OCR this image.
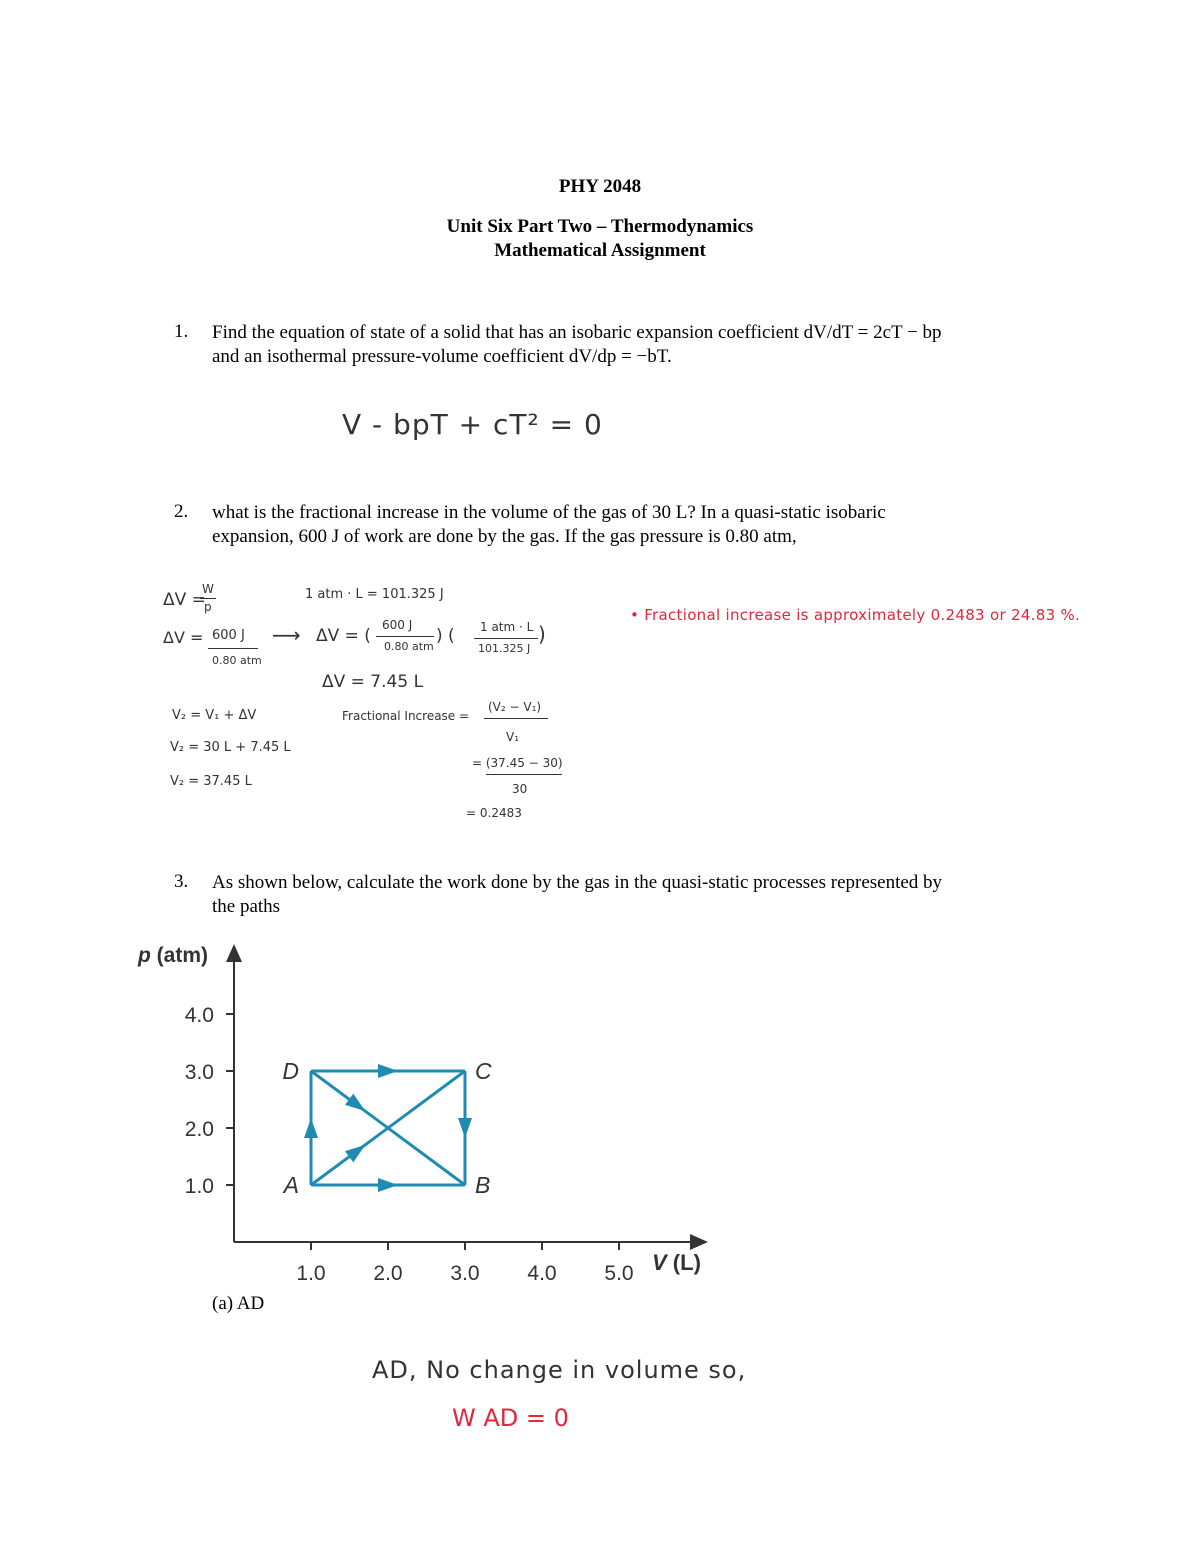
PHY 2048
Unit Six Part Two – Thermodynamics
Mathematical Assignment
1. Find the equation of state of a solid that has an isobaric expansion coefficient dV/dT = 2cT − bp
and an isothermal pressure-volume coefficient dV/dp = −bT.
V - bpT + cT² = 0
2. what is the fractional increase in the volume of the gas of 30 L? In a quasi-static isobaric
expansion, 600 J of work are done by the gas. If the gas pressure is 0.80 atm,
ΔV =
W
p
1 atm · L = 101.325 J
ΔV = 600 J
0.80 atm
⟶ ΔV = (
600 J
0.80 atm
) ( 1 atm · L
101.325 J
)
ΔV = 7.45 L
V₂ = V₁ + ΔV
V₂ = 30 L + 7.45 L
V₂ = 37.45 L
Fractional Increase =
(V₂ − V₁)
V₁
= (37.45 − 30)
30
= 0.2483
• Fractional increase is approximately 0.2483 or 24.83 %.
3. As shown below, calculate the work done by the gas in the quasi-static processes represented by
the paths
p (atm)
V (L)
1.0 2.0 3.0 4.0 5.0
1.0
2.0
3.0
4.0
A	B
C
D
(a) AD
AD, No change in volume so,
W AD = 0
